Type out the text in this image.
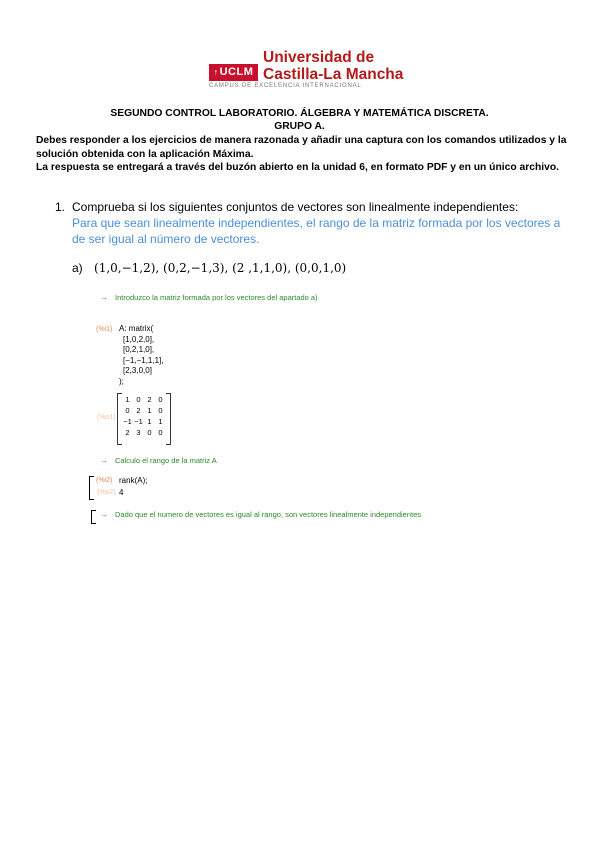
↑UCLM
Universidad de
Castilla-La Mancha
CAMPUS DE EXCELENCIA INTERNACIONAL
SEGUNDO CONTROL LABORATORIO. ÁLGEBRA Y MATEMÁTICA DISCRETA.
GRUPO A.
Debes responder a los ejercicios de manera razonada y añadir una captura con los comandos utilizados y la solución obtenida con la aplicación Máxima.
La respuesta se entregará a través del buzón abierto en la unidad 6, en formato PDF y en un único archivo.
1. Comprueba si los siguientes conjuntos de vectores son linealmente independientes:
Para que sean linealmente independientes, el rango de la matriz formada por los vectores a de ser igual al número de vectores.
a) (1,0,−1,2), (0,2,−1,3), (2 ,1,1,0), (0,0,1,0)
→ Introduzco la matriz formada por los vectores del apartado a)
(%i1) A: matrix(
[1,0,2,0],
[0,2,1,0],
[−1,−1,1,1],
[2,3,0,0]
);
(%o1)
1	0	2	0
0	2	1	0
−1	−1	1	1
2	3	0	0
→ Calculo el rango de la matriz A
(%i2) rank(A);
(%o2) 4
→ Dado que el numero de vectores es igual al rango, son vectores linealmente independientes
